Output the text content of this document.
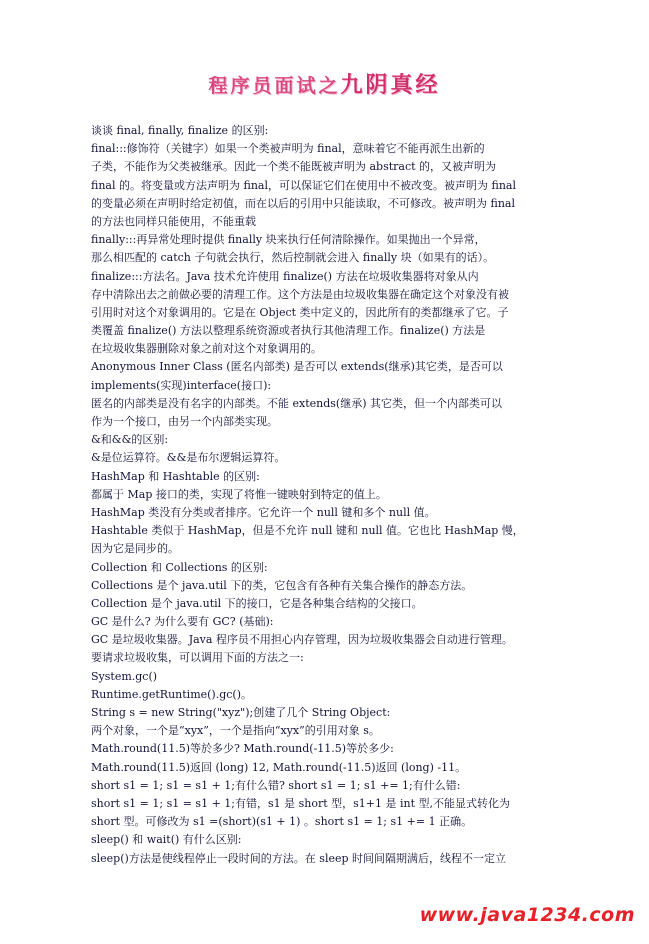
程序员面试之九阴真经
谈谈 final, finally, finalize 的区别:
final:::修饰符（关键字）如果一个类被声明为 final，意味着它不能再派生出新的
子类，不能作为父类被继承。因此一个类不能既被声明为 abstract 的，又被声明为
final 的。将变量或方法声明为 final，可以保证它们在使用中不被改变。被声明为 final
的变量必须在声明时给定初值，而在以后的引用中只能读取，不可修改。被声明为 final
的方法也同样只能使用，不能重载
finally:::再异常处理时提供 finally 块来执行任何清除操作。如果抛出一个异常，
那么相匹配的 catch 子句就会执行，然后控制就会进入 finally 块（如果有的话）。
finalize:::方法名。Java 技术允许使用 finalize() 方法在垃圾收集器将对象从内
存中清除出去之前做必要的清理工作。这个方法是由垃圾收集器在确定这个对象没有被
引用时对这个对象调用的。它是在 Object 类中定义的，因此所有的类都继承了它。子
类覆盖 finalize() 方法以整理系统资源或者执行其他清理工作。finalize() 方法是
在垃圾收集器删除对象之前对这个对象调用的。
Anonymous Inner Class (匿名内部类) 是否可以 extends(继承)其它类，是否可以
implements(实现)interface(接口):
匿名的内部类是没有名字的内部类。不能 extends(继承) 其它类，但一个内部类可以
作为一个接口，由另一个内部类实现。
&和&&的区别:
&是位运算符。&&是布尔逻辑运算符。
HashMap 和 Hashtable 的区别:
都属于 Map 接口的类，实现了将惟一键映射到特定的值上。
HashMap 类没有分类或者排序。它允许一个 null 键和多个 null 值。
Hashtable 类似于 HashMap，但是不允许 null 键和 null 值。它也比 HashMap 慢，
因为它是同步的。
Collection 和 Collections 的区别:
Collections 是个 java.util 下的类，它包含有各种有关集合操作的静态方法。
Collection 是个 java.util 下的接口，它是各种集合结构的父接口。
GC 是什么? 为什么要有 GC? (基础):
GC 是垃圾收集器。Java 程序员不用担心内存管理，因为垃圾收集器会自动进行管理。
要请求垃圾收集，可以调用下面的方法之一:
System.gc()
Runtime.getRuntime().gc()。
String s = new String("xyz");创建了几个 String Object:
两个对象，一个是“xyx”，一个是指向“xyx”的引用对象 s。
Math.round(11.5)等於多少? Math.round(-11.5)等於多少:
Math.round(11.5)返回 (long) 12, Math.round(-11.5)返回 (long) -11。
short s1 = 1; s1 = s1 + 1;有什么错? short s1 = 1; s1 += 1;有什么错:
short s1 = 1; s1 = s1 + 1;有错，s1 是 short 型，s1+1 是 int 型,不能显式转化为
short 型。可修改为 s1 =(short)(s1 + 1) 。short s1 = 1; s1 += 1 正确。
sleep() 和 wait() 有什么区别:
sleep()方法是使线程停止一段时间的方法。在 sleep 时间间隔期满后，线程不一定立
www.java1234.com
